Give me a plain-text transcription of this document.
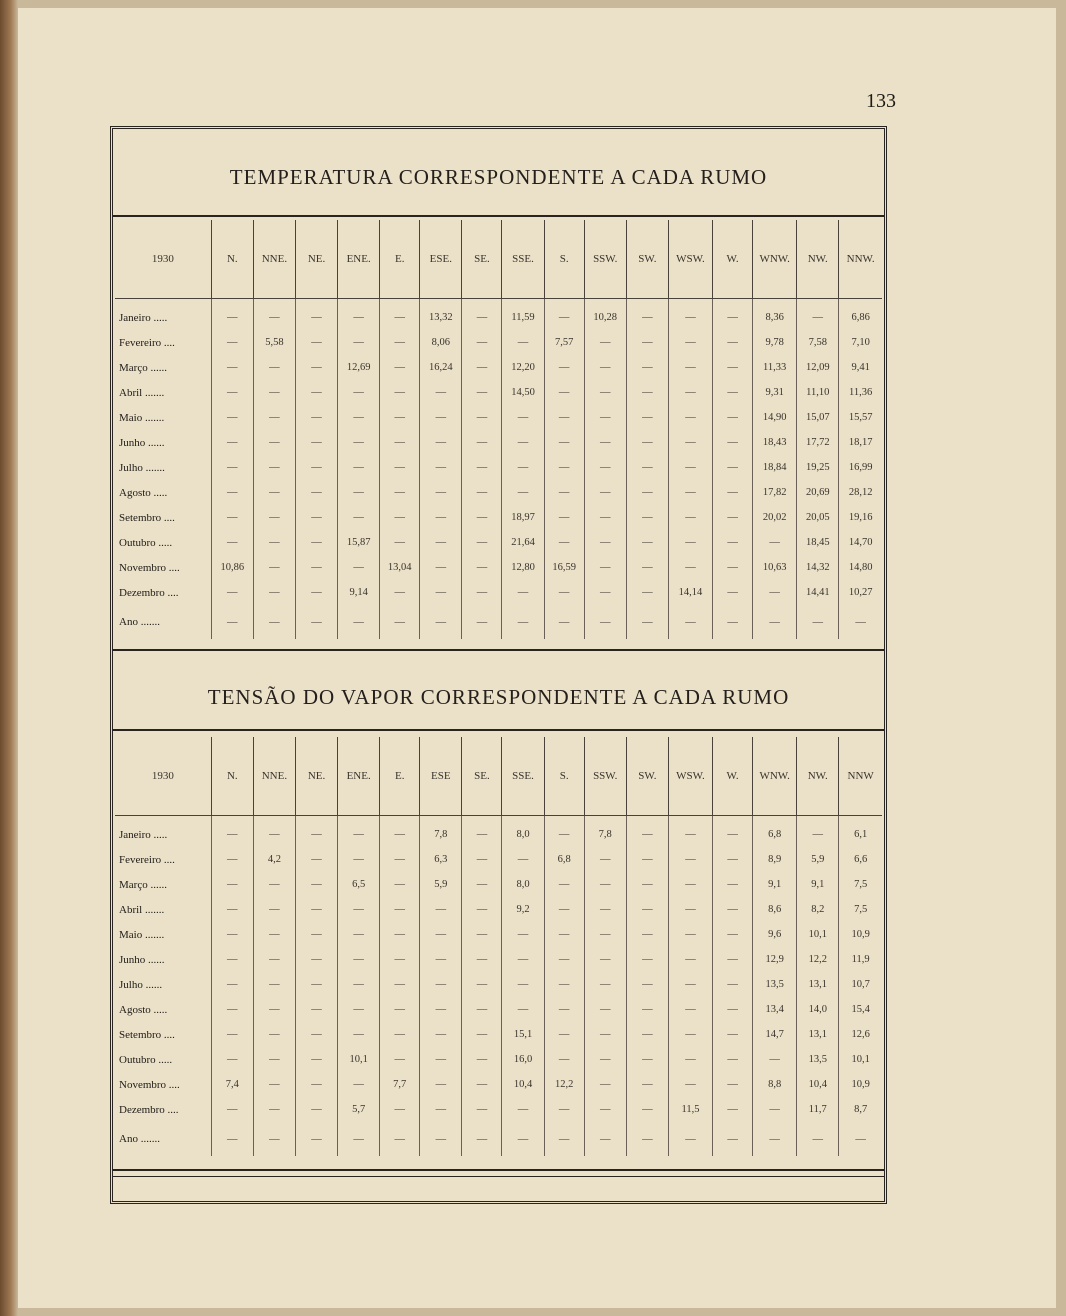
133
TEMPERATURA CORRESPONDENTE A CADA RUMO
1930	N.	NNE.	NE.	ENE.	E.	ESE.	SE.	SSE.	S.	SSW.	SW.	WSW.	W.	WNW.	NW.	NNW.

Janeiro .....	—	—	—	—	—	13,32	—	11,59	—	10,28	—	—	—	8,36	—	6,86
Fevereiro ....	—	5,58	—	—	—	8,06	—	—	7,57	—	—	—	—	9,78	7,58	7,10
Março ......	—	—	—	12,69	—	16,24	—	12,20	—	—	—	—	—	11,33	12,09	9,41
Abril .......	—	—	—	—	—	—	—	14,50	—	—	—	—	—	9,31	11,10	11,36
Maio .......	—	—	—	—	—	—	—	—	—	—	—	—	—	14,90	15,07	15,57
Junho ......	—	—	—	—	—	—	—	—	—	—	—	—	—	18,43	17,72	18,17
Julho .......	—	—	—	—	—	—	—	—	—	—	—	—	—	18,84	19,25	16,99
Agosto .....	—	—	—	—	—	—	—	—	—	—	—	—	—	17,82	20,69	28,12
Setembro ....	—	—	—	—	—	—	—	18,97	—	—	—	—	—	20,02	20,05	19,16
Outubro .....	—	—	—	15,87	—	—	—	21,64	—	—	—	—	—	—	18,45	14,70
Novembro ....	10,86	—	—	—	13,04	—	—	12,80	16,59	—	—	—	—	10,63	14,32	14,80
Dezembro ....	—	—	—	9,14	—	—	—	—	—	—	—	14,14	—	—	14,41	10,27
Ano .......	—	—	—	—	—	—	—	—	—	—	—	—	—	—	—	—
TENSÃO DO VAPOR CORRESPONDENTE A CADA RUMO
1930	N.	NNE.	NE.	ENE.	E.	ESE	SE.	SSE.	S.	SSW.	SW.	WSW.	W.	WNW.	NW.	NNW

Janeiro .....	—	—	—	—	—	7,8	—	8,0	—	7,8	—	—	—	6,8	—	6,1
Fevereiro ....	—	4,2	—	—	—	6,3	—	—	6,8	—	—	—	—	8,9	5,9	6,6
Março ......	—	—	—	6,5	—	5,9	—	8,0	—	—	—	—	—	9,1	9,1	7,5
Abril .......	—	—	—	—	—	—	—	9,2	—	—	—	—	—	8,6	8,2	7,5
Maio .......	—	—	—	—	—	—	—	—	—	—	—	—	—	9,6	10,1	10,9
Junho ......	—	—	—	—	—	—	—	—	—	—	—	—	—	12,9	12,2	11,9
Julho ......	—	—	—	—	—	—	—	—	—	—	—	—	—	13,5	13,1	10,7
Agosto .....	—	—	—	—	—	—	—	—	—	—	—	—	—	13,4	14,0	15,4
Setembro ....	—	—	—	—	—	—	—	15,1	—	—	—	—	—	14,7	13,1	12,6
Outubro .....	—	—	—	10,1	—	—	—	16,0	—	—	—	—	—	—	13,5	10,1
Novembro ....	7,4	—	—	—	7,7	—	—	10,4	12,2	—	—	—	—	8,8	10,4	10,9
Dezembro ....	—	—	—	5,7	—	—	—	—	—	—	—	11,5	—	—	11,7	8,7
Ano .......	—	—	—	—	—	—	—	—	—	—	—	—	—	—	—	—
